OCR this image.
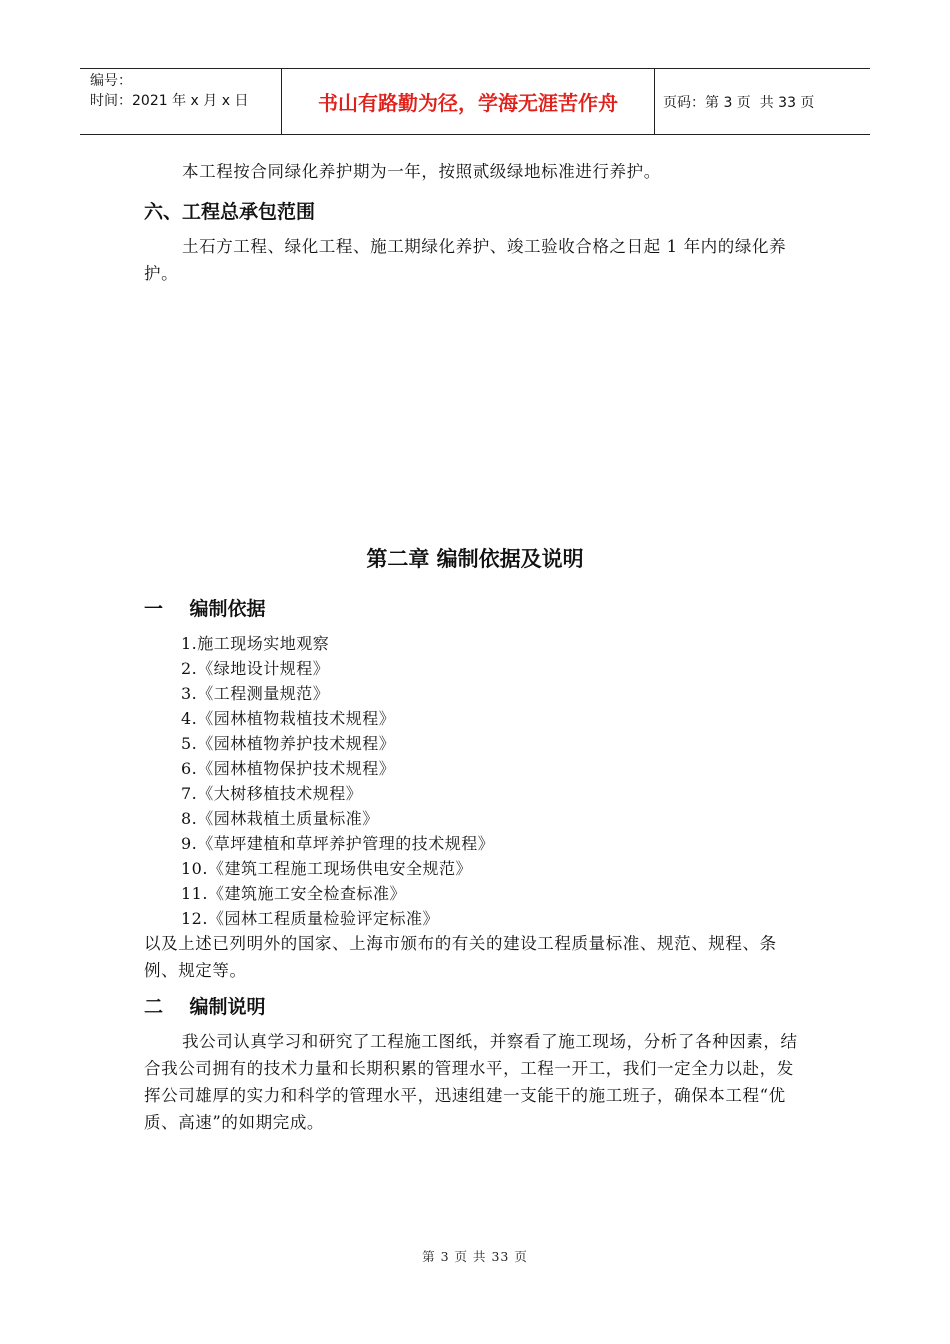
编号：
时间：2021 年 x 月 x 日	书山有路勤为径，学海无涯苦作舟	页码：第 3 页  共 33 页
本工程按合同绿化养护期为一年，按照贰级绿地标准进行养护。
六、工程总承包范围
土石方工程、绿化工程、施工期绿化养护、竣工验收合格之日起 1 年内的绿化养护。
第二章 编制依据及说明
一    编制依据
1.施工现场实地观察
2.《绿地设计规程》
3.《工程测量规范》
4.《园林植物栽植技术规程》
5.《园林植物养护技术规程》
6.《园林植物保护技术规程》
7.《大树移植技术规程》
8.《园林栽植土质量标准》
9.《草坪建植和草坪养护管理的技术规程》
10.《建筑工程施工现场供电安全规范》
11.《建筑施工安全检查标准》
12.《园林工程质量检验评定标准》
以及上述已列明外的国家、上海市颁布的有关的建设工程质量标准、规范、规程、条例、规定等。
二    编制说明
我公司认真学习和研究了工程施工图纸，并察看了施工现场，分析了各种因素，结合我公司拥有的技术力量和长期积累的管理水平，工程一开工，我们一定全力以赴，发挥公司雄厚的实力和科学的管理水平，迅速组建一支能干的施工班子，确保本工程“优质、高速”的如期完成。
第 3 页 共 33 页
